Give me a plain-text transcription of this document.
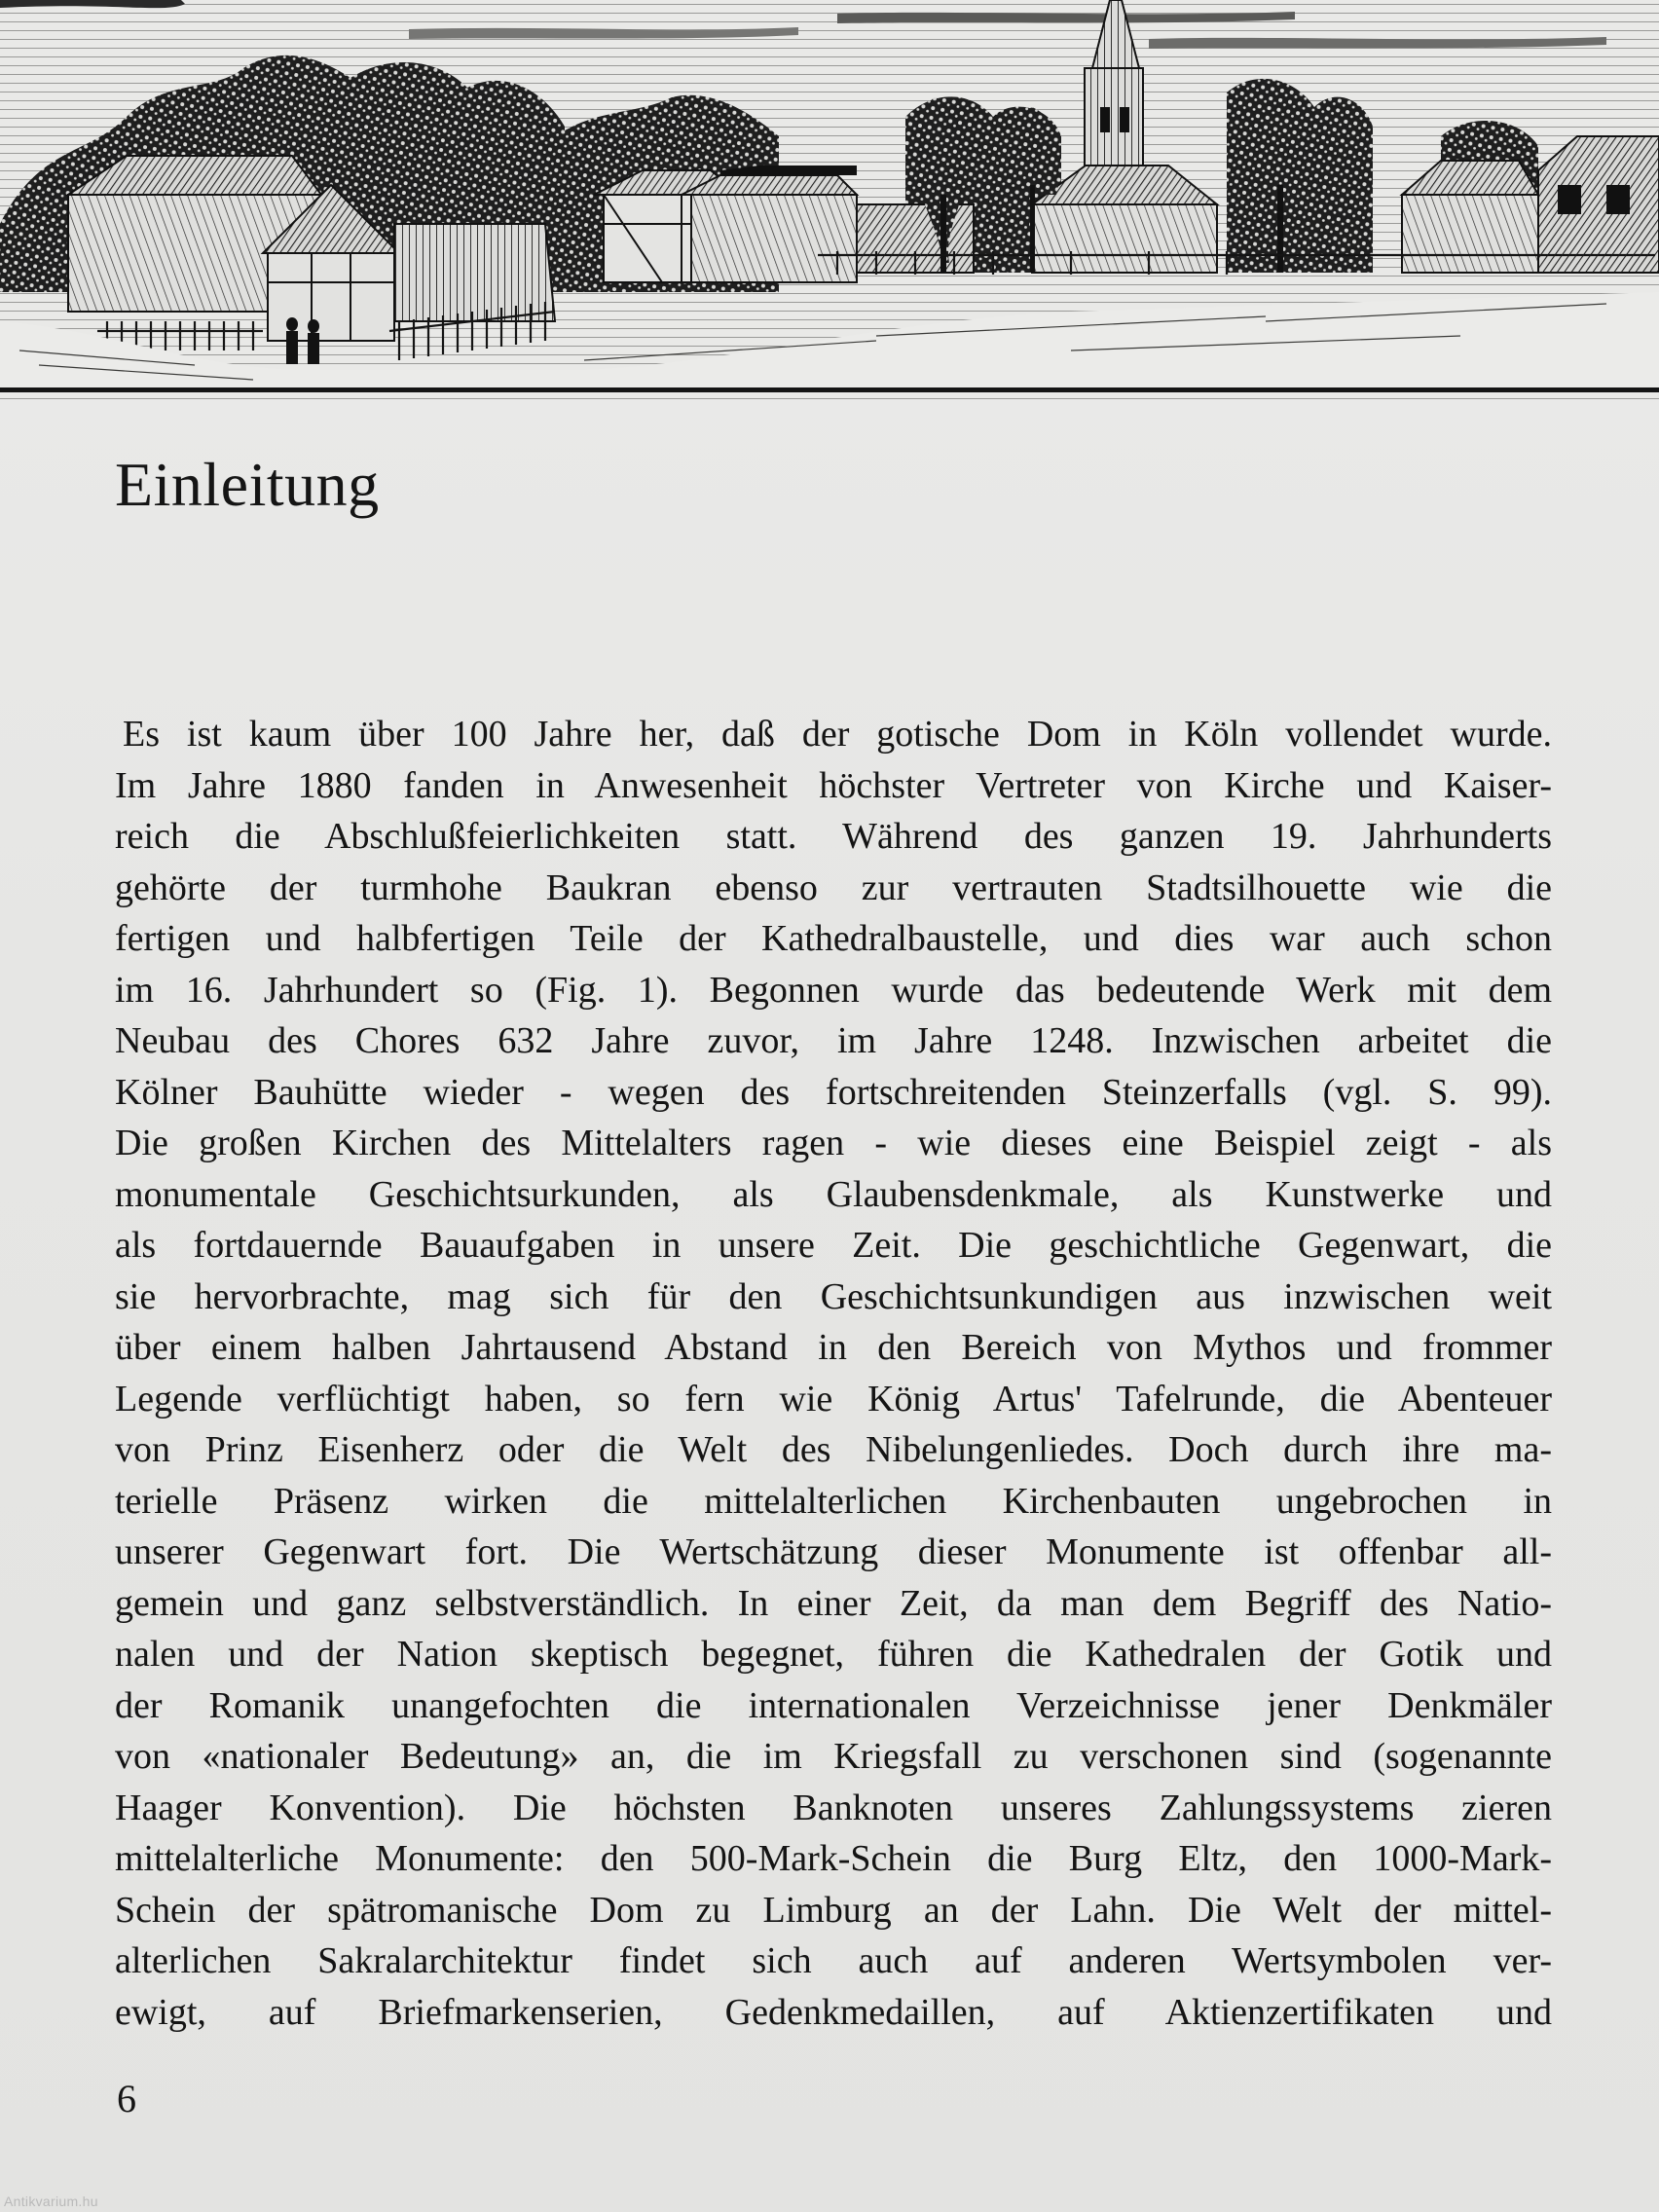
Einleitung
Es ist kaum über 100 Jahre her, daß der gotische Dom in Köln vollendet wurde.
Im Jahre 1880 fanden in Anwesenheit höchster Vertreter von Kirche und Kaiser-
reich die Abschlußfeierlichkeiten statt. Während des ganzen 19. Jahrhunderts
gehörte der turmhohe Baukran ebenso zur vertrauten Stadtsilhouette wie die
fertigen und halbfertigen Teile der Kathedralbaustelle, und dies war auch schon
im 16. Jahrhundert so (Fig. 1). Begonnen wurde das bedeutende Werk mit dem
Neubau des Chores 632 Jahre zuvor, im Jahre 1248. Inzwischen arbeitet die
Kölner Bauhütte wieder - wegen des fortschreitenden Steinzerfalls (vgl. S. 99).
Die großen Kirchen des Mittelalters ragen - wie dieses eine Beispiel zeigt - als
monumentale Geschichtsurkunden, als Glaubensdenkmale, als Kunstwerke und
als fortdauernde Bauaufgaben in unsere Zeit. Die geschichtliche Gegenwart, die
sie hervorbrachte, mag sich für den Geschichtsunkundigen aus inzwischen weit
über einem halben Jahrtausend Abstand in den Bereich von Mythos und frommer
Legende verflüchtigt haben, so fern wie König Artus' Tafelrunde, die Abenteuer
von Prinz Eisenherz oder die Welt des Nibelungenliedes. Doch durch ihre ma-
terielle Präsenz wirken die mittelalterlichen Kirchenbauten ungebrochen in
unserer Gegenwart fort. Die Wertschätzung dieser Monumente ist offenbar all-
gemein und ganz selbstverständlich. In einer Zeit, da man dem Begriff des Natio-
nalen und der Nation skeptisch begegnet, führen die Kathedralen der Gotik und
der Romanik unangefochten die internationalen Verzeichnisse jener Denkmäler
von «nationaler Bedeutung» an, die im Kriegsfall zu verschonen sind (sogenannte
Haager Konvention). Die höchsten Banknoten unseres Zahlungssystems zieren
mittelalterliche Monumente: den 500-Mark-Schein die Burg Eltz, den 1000-Mark-
Schein der spätromanische Dom zu Limburg an der Lahn. Die Welt der mittel-
alterlichen Sakralarchitektur findet sich auch auf anderen Wertsymbolen ver-
ewigt, auf Briefmarkenserien, Gedenkmedaillen, auf Aktienzertifikaten und
6
Antikvarium.hu
